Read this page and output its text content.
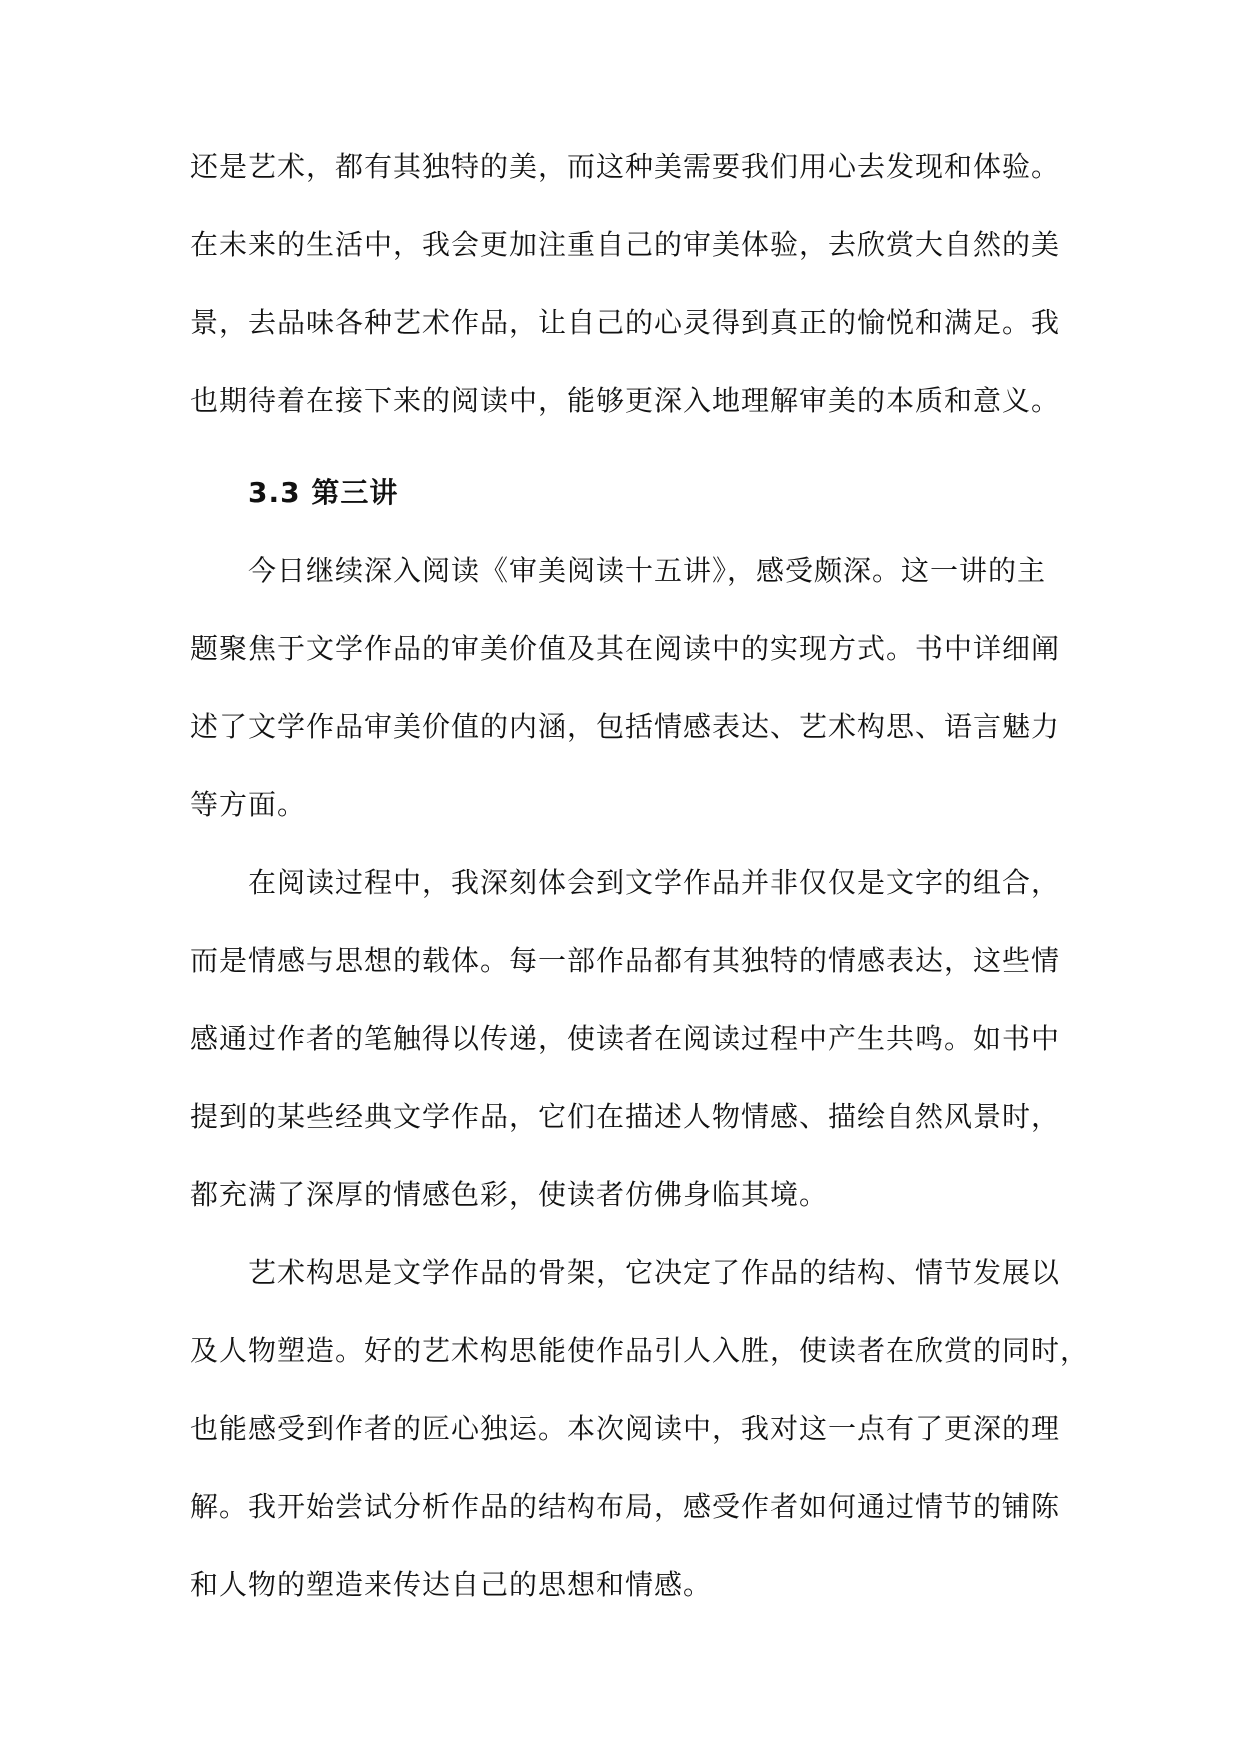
还是艺术，都有其独特的美，而这种美需要我们用心去发现和体验。
在未来的生活中，我会更加注重自己的审美体验，去欣赏大自然的美
景，去品味各种艺术作品，让自己的心灵得到真正的愉悦和满足。我
也期待着在接下来的阅读中，能够更深入地理解审美的本质和意义。
3.3 第三讲
今日继续深入阅读《审美阅读十五讲》，感受颇深。这一讲的主
题聚焦于文学作品的审美价值及其在阅读中的实现方式。书中详细阐
述了文学作品审美价值的内涵，包括情感表达、艺术构思、语言魅力
等方面。
在阅读过程中，我深刻体会到文学作品并非仅仅是文字的组合，
而是情感与思想的载体。每一部作品都有其独特的情感表达，这些情
感通过作者的笔触得以传递，使读者在阅读过程中产生共鸣。如书中
提到的某些经典文学作品，它们在描述人物情感、描绘自然风景时，
都充满了深厚的情感色彩，使读者仿佛身临其境。
艺术构思是文学作品的骨架，它决定了作品的结构、情节发展以
及人物塑造。好的艺术构思能使作品引人入胜，使读者在欣赏的同时，
也能感受到作者的匠心独运。本次阅读中，我对这一点有了更深的理
解。我开始尝试分析作品的结构布局，感受作者如何通过情节的铺陈
和人物的塑造来传达自己的思想和情感。
